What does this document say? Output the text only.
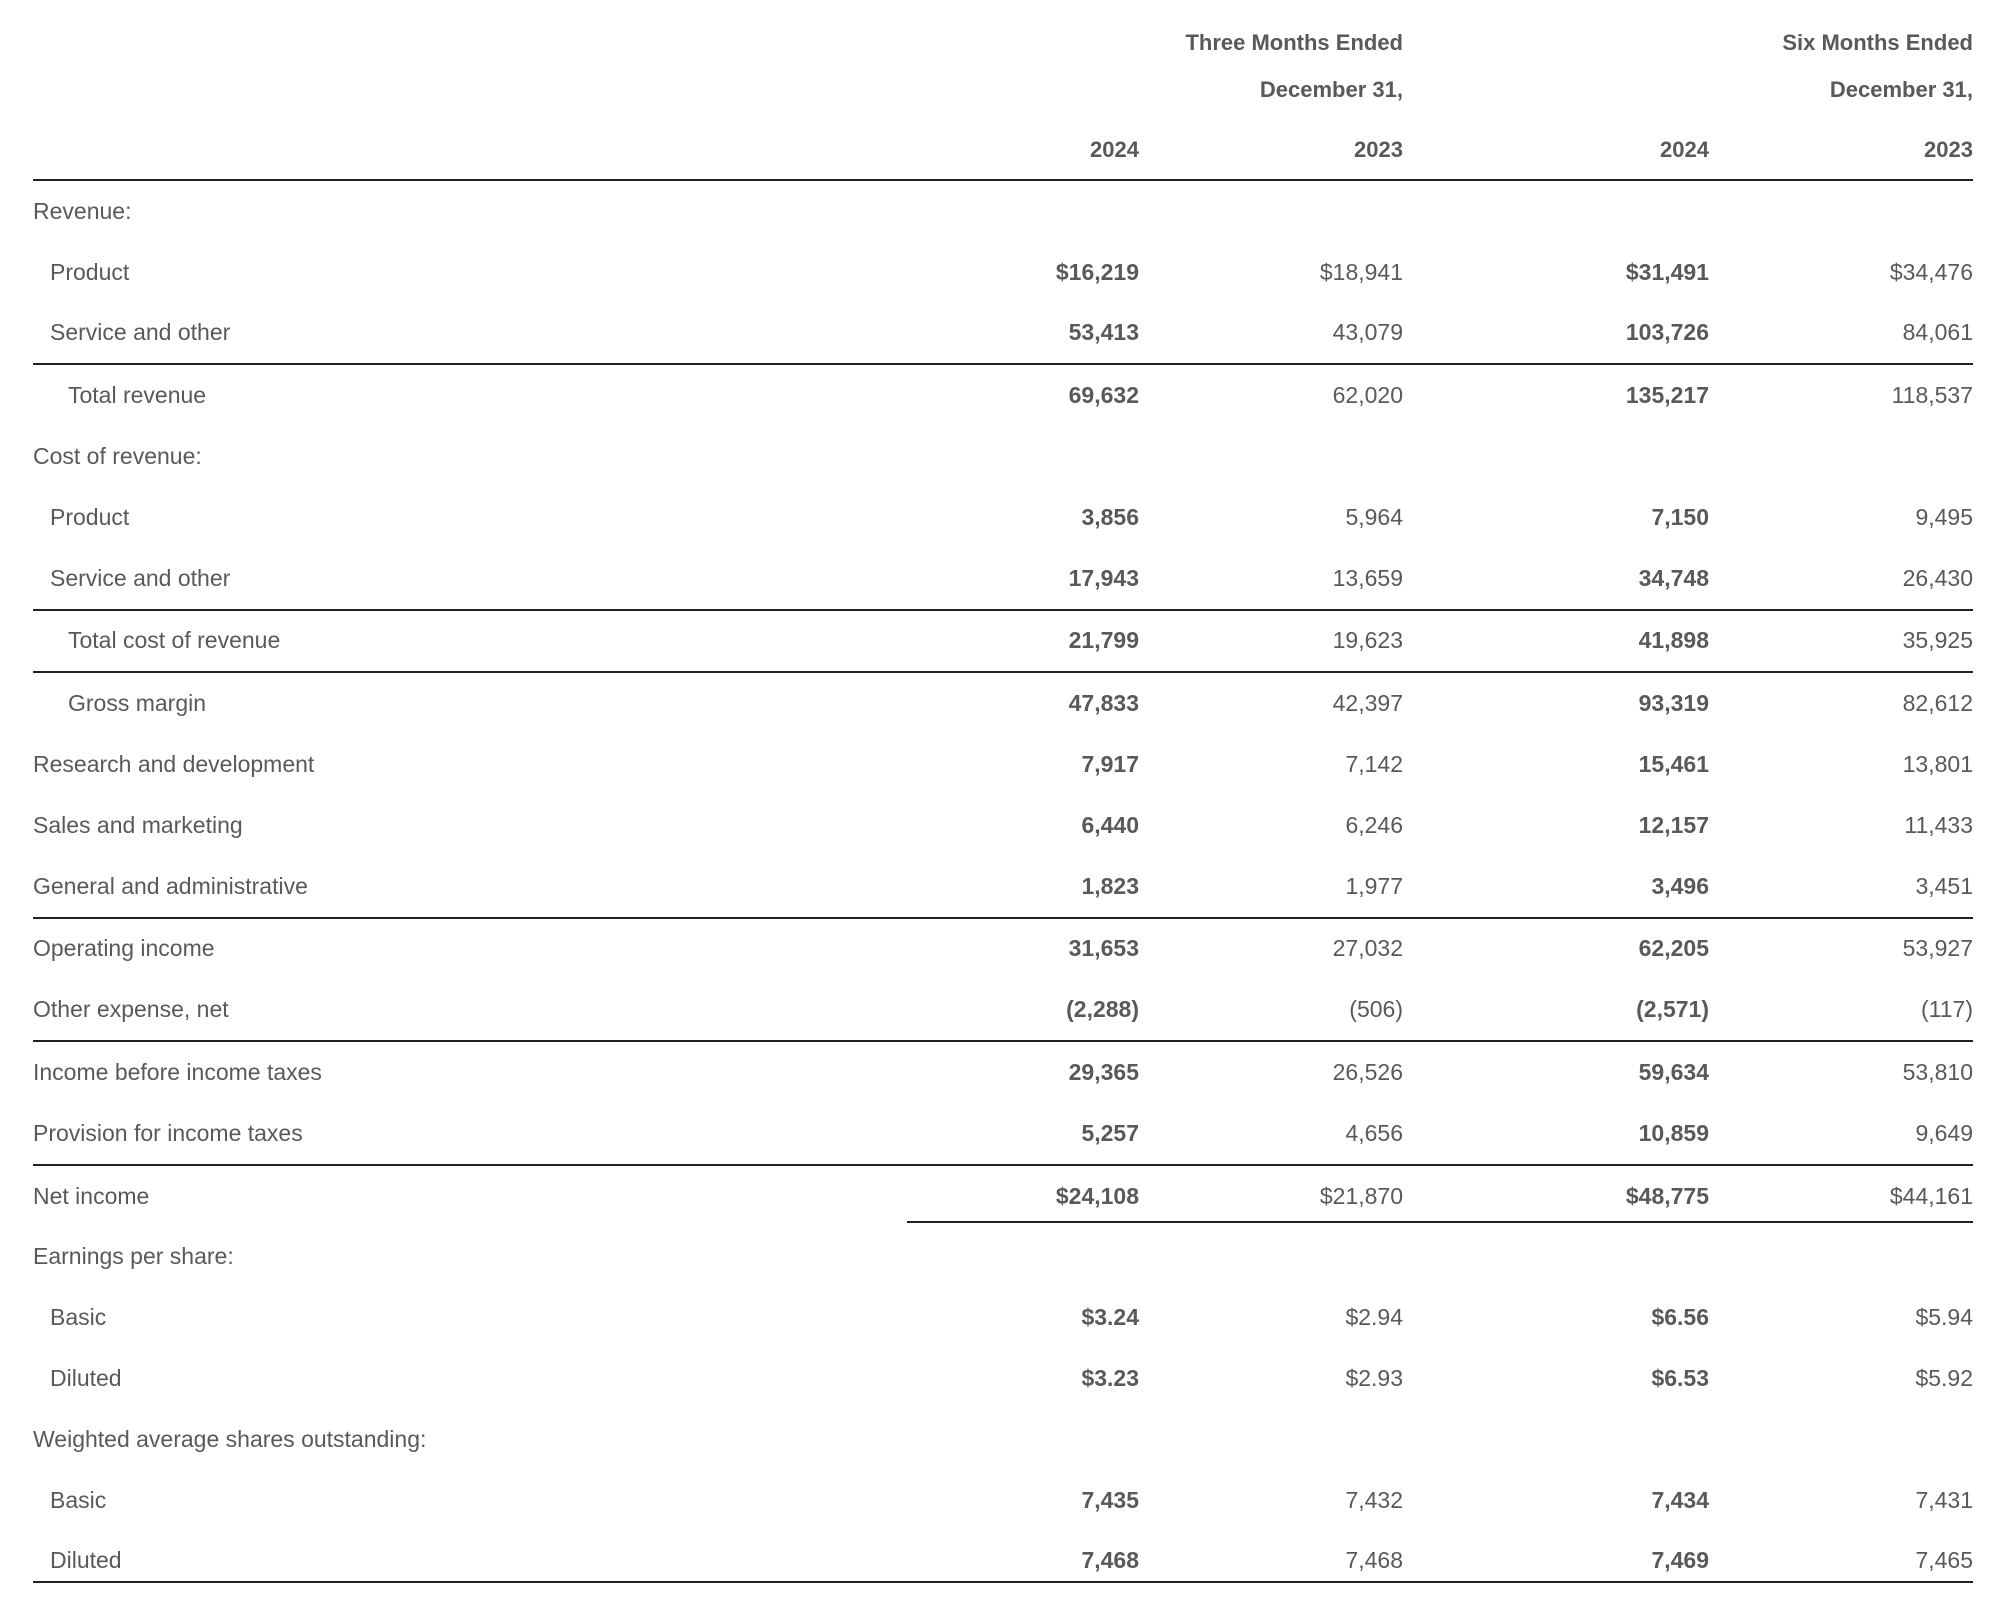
Three Months Ended
December 31,
Six Months Ended
December 31,
2024	2023	2024	2023
Revenue:				
Product	$16,219	$18,941	$31,491	$34,476
Service and other	53,413	43,079	103,726	84,061
Total revenue	69,632	62,020	135,217	118,537
Cost of revenue:				
Product	3,856	5,964	7,150	9,495
Service and other	17,943	13,659	34,748	26,430
Total cost of revenue	21,799	19,623	41,898	35,925
Gross margin	47,833	42,397	93,319	82,612
Research and development	7,917	7,142	15,461	13,801
Sales and marketing	6,440	6,246	12,157	11,433
General and administrative	1,823	1,977	3,496	3,451
Operating income	31,653	27,032	62,205	53,927
Other expense, net	(2,288)	(506)	(2,571)	(117)
Income before income taxes	29,365	26,526	59,634	53,810
Provision for income taxes	5,257	4,656	10,859	9,649
Net income	$24,108	$21,870	$48,775	$44,161
Earnings per share:				
Basic	$3.24	$2.94	$6.56	$5.94
Diluted	$3.23	$2.93	$6.53	$5.92
Weighted average shares outstanding:				
Basic	7,435	7,432	7,434	7,431
Diluted	7,468	7,468	7,469	7,465
